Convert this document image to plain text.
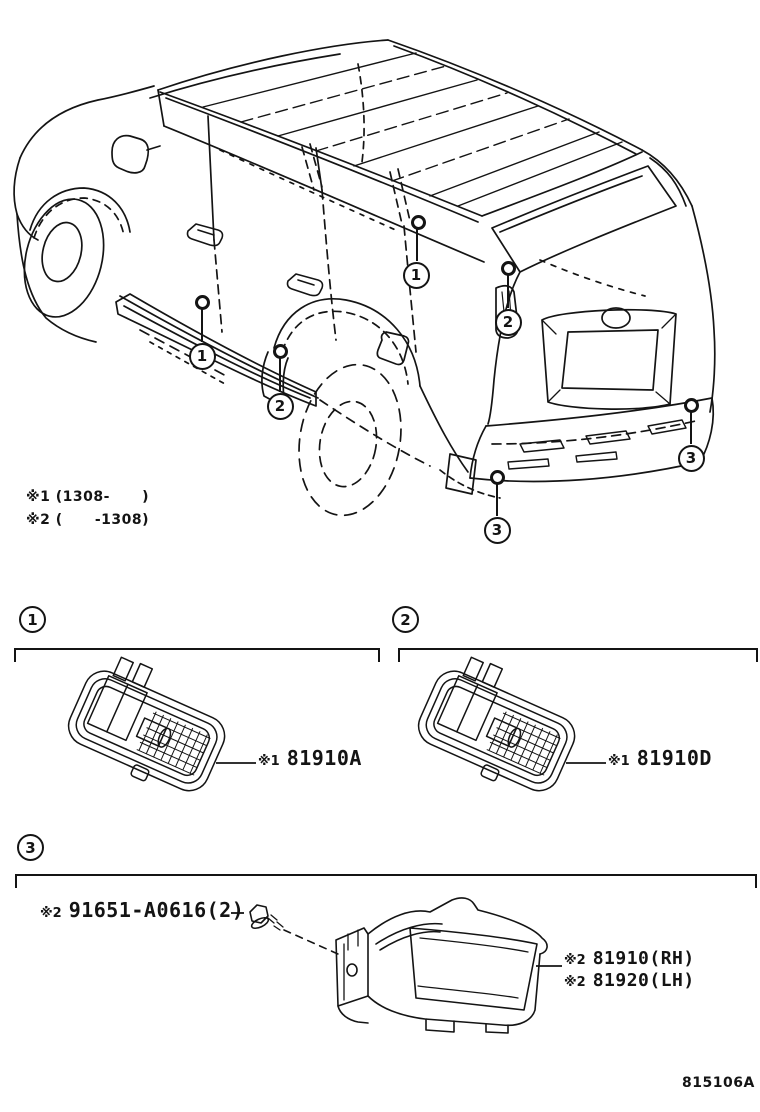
1
2
1
2
3
3
※1 (1308-      )
※2 (      -1308)
1	2
3
※1 81910A	※1 81910D
※2 91651-A0616(2)
※2 81910(RH)
※2 81920(LH)
815106A
